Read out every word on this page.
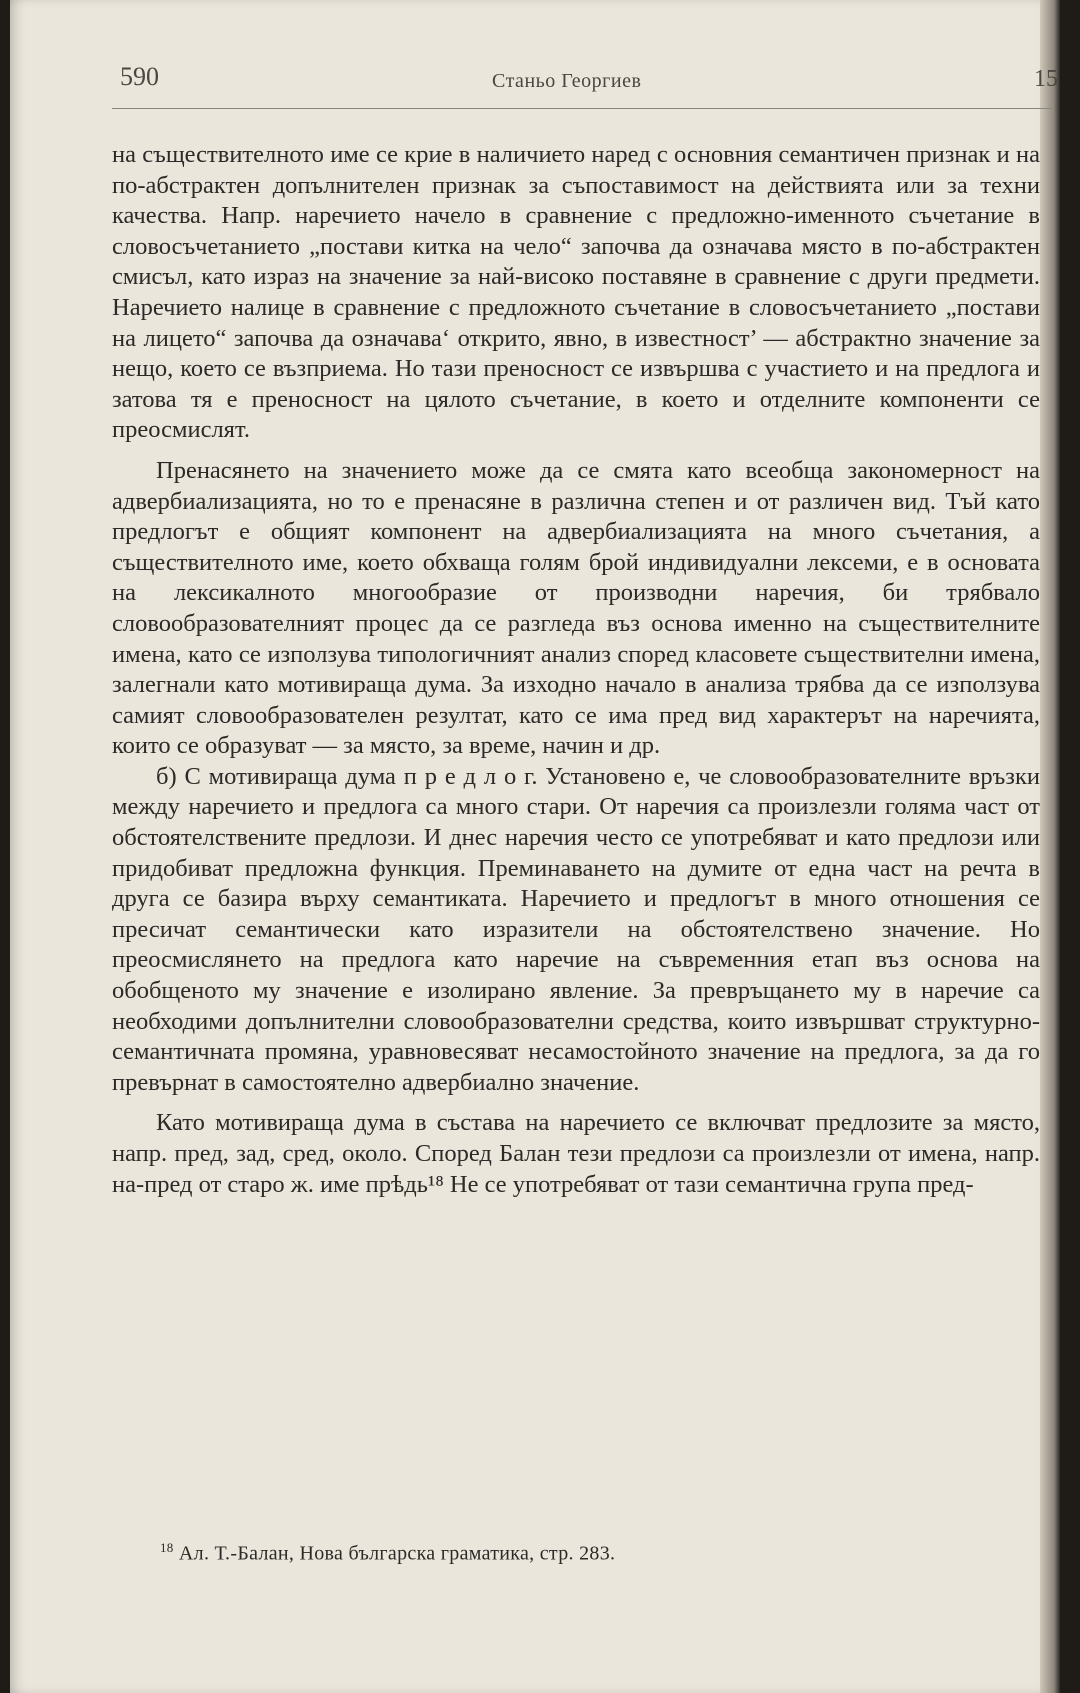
590	Станьо Георгиев	15

на съществителното име се крие в наличието наред с основния семантичен признак и на по-абстрактен допълнителен признак за съпоставимост на действията или за техни качества. Напр. наречието начело в сравнение с предложно-именното съчетание в словосъчетанието „постави китка на чело“ започва да означава място в по-абстрактен смисъл, като израз на значение за най-високо поставяне в сравнение с други предмети. Наречието налице в сравнение с предложното съчетание в словосъчетанието „постави на лицето“ започва да означава‘ открито, явно, в известност’ — абстрактно значение за нещо, което се възприема. Но тази преносност се извършва с участието и на предлога и затова тя е преносност на цялото съчетание, в което и отделните компоненти се преосмислят.

Пренасянето на значението може да се смята като всеобща закономерност на адвербиализацията, но то е пренасяне в различна степен и от различен вид. Тъй като предлогът е общият компонент на адвербиализацията на много съчетания, а съществителното име, което обхваща голям брой индивидуални лексеми, е в основата на лексикалното многообразие от производни наречия, би трябвало словообразователният процес да се разгледа въз основа именно на съществителните имена, като се използува типологичният анализ според класовете съществителни имена, залегнали като мотивираща дума. За изходно начало в анализа трябва да се използува самият словообразователен резултат, като се има пред вид характерът на наречията, които се образуват — за място, за време, начин и др.

б) С мотивираща дума п р е д л о г. Установено е, че словообразователните връзки между наречието и предлога са много стари. От наречия са произлезли голяма част от обстоятелствените предлози. И днес наречия често се употребяват и като предлози или придобиват предложна функция. Преминаването на думите от една част на речта в друга се базира върху семантиката. Наречието и предлогът в много отношения се пресичат семантически като изразители на обстоятелствено значение. Но преосмислянето на предлога като наречие на съвременния етап въз основа на обобщеното му значение е изолирано явление. За превръщането му в наречие са необходими допълнителни словообразователни средства, които извършват структурно-семантичната промяна, уравновесяват несамостойното значение на предлога, за да го превърнат в самостоятелно адвербиално значение.

Като мотивираща дума в състава на наречието се включват предлозите за място, напр. пред, зад, сред, около. Според Балан тези предлози са произлезли от имена, напр. на-пред от старо ж. име прѣдь¹⁸ Не се употребяват от тази семантична група пред-

$^{18}$ Ал. Т.-Балан, Нова българска граматика, стр. 283.
